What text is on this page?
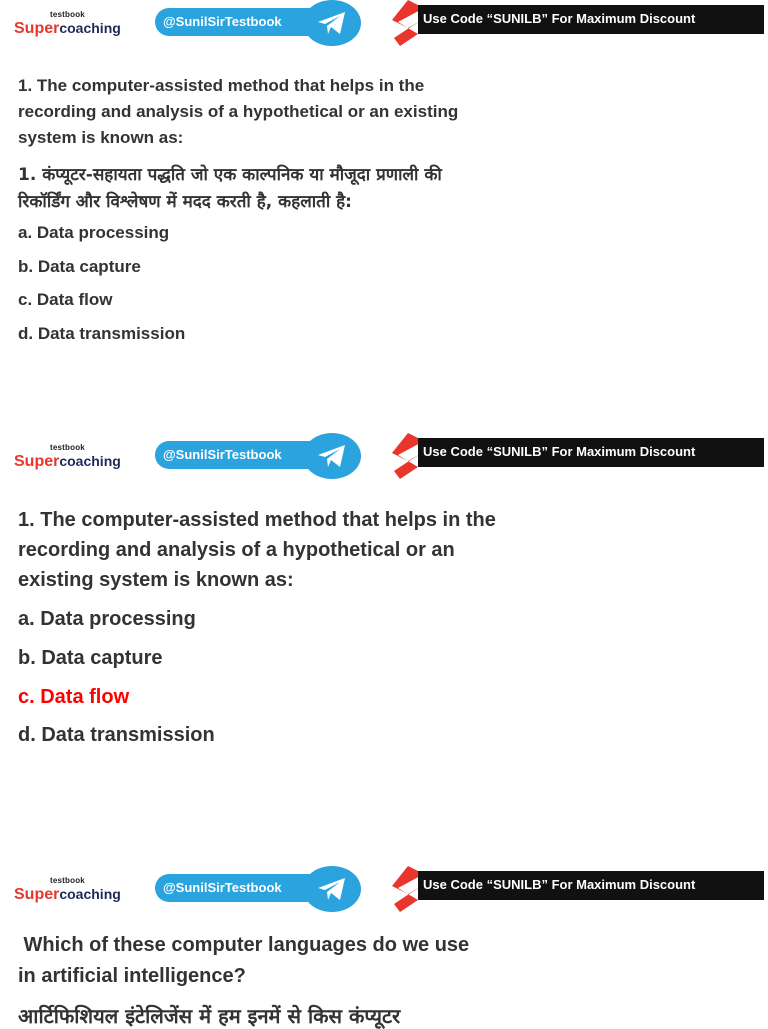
testbook
Supercoaching	@SunilSirTestbook	Use Code “SUNILB” For Maximum Discount
1. The computer-assisted method that helps in the
recording and analysis of a hypothetical or an existing
system is known as:
1. कंप्यूटर-सहायता पद्धति जो एक काल्पनिक या मौजूदा प्रणाली की
रिकॉर्डिंग और विश्लेषण में मदद करती है, कहलाती है:
a. Data processing
b. Data capture
c. Data flow
d. Data transmission
testbook
Supercoaching	@SunilSirTestbook	Use Code “SUNILB” For Maximum Discount
1. The computer-assisted method that helps in the
recording and analysis of a hypothetical or an
existing system is known as:
a. Data processing
b. Data capture
c. Data flow
d. Data transmission
testbook
Supercoaching	@SunilSirTestbook	Use Code “SUNILB” For Maximum Discount
Which of these computer languages do we use
in artificial intelligence?
आर्टिफिशियल इंटेलिजेंस में हम इनमें से किस कंप्यूटर
